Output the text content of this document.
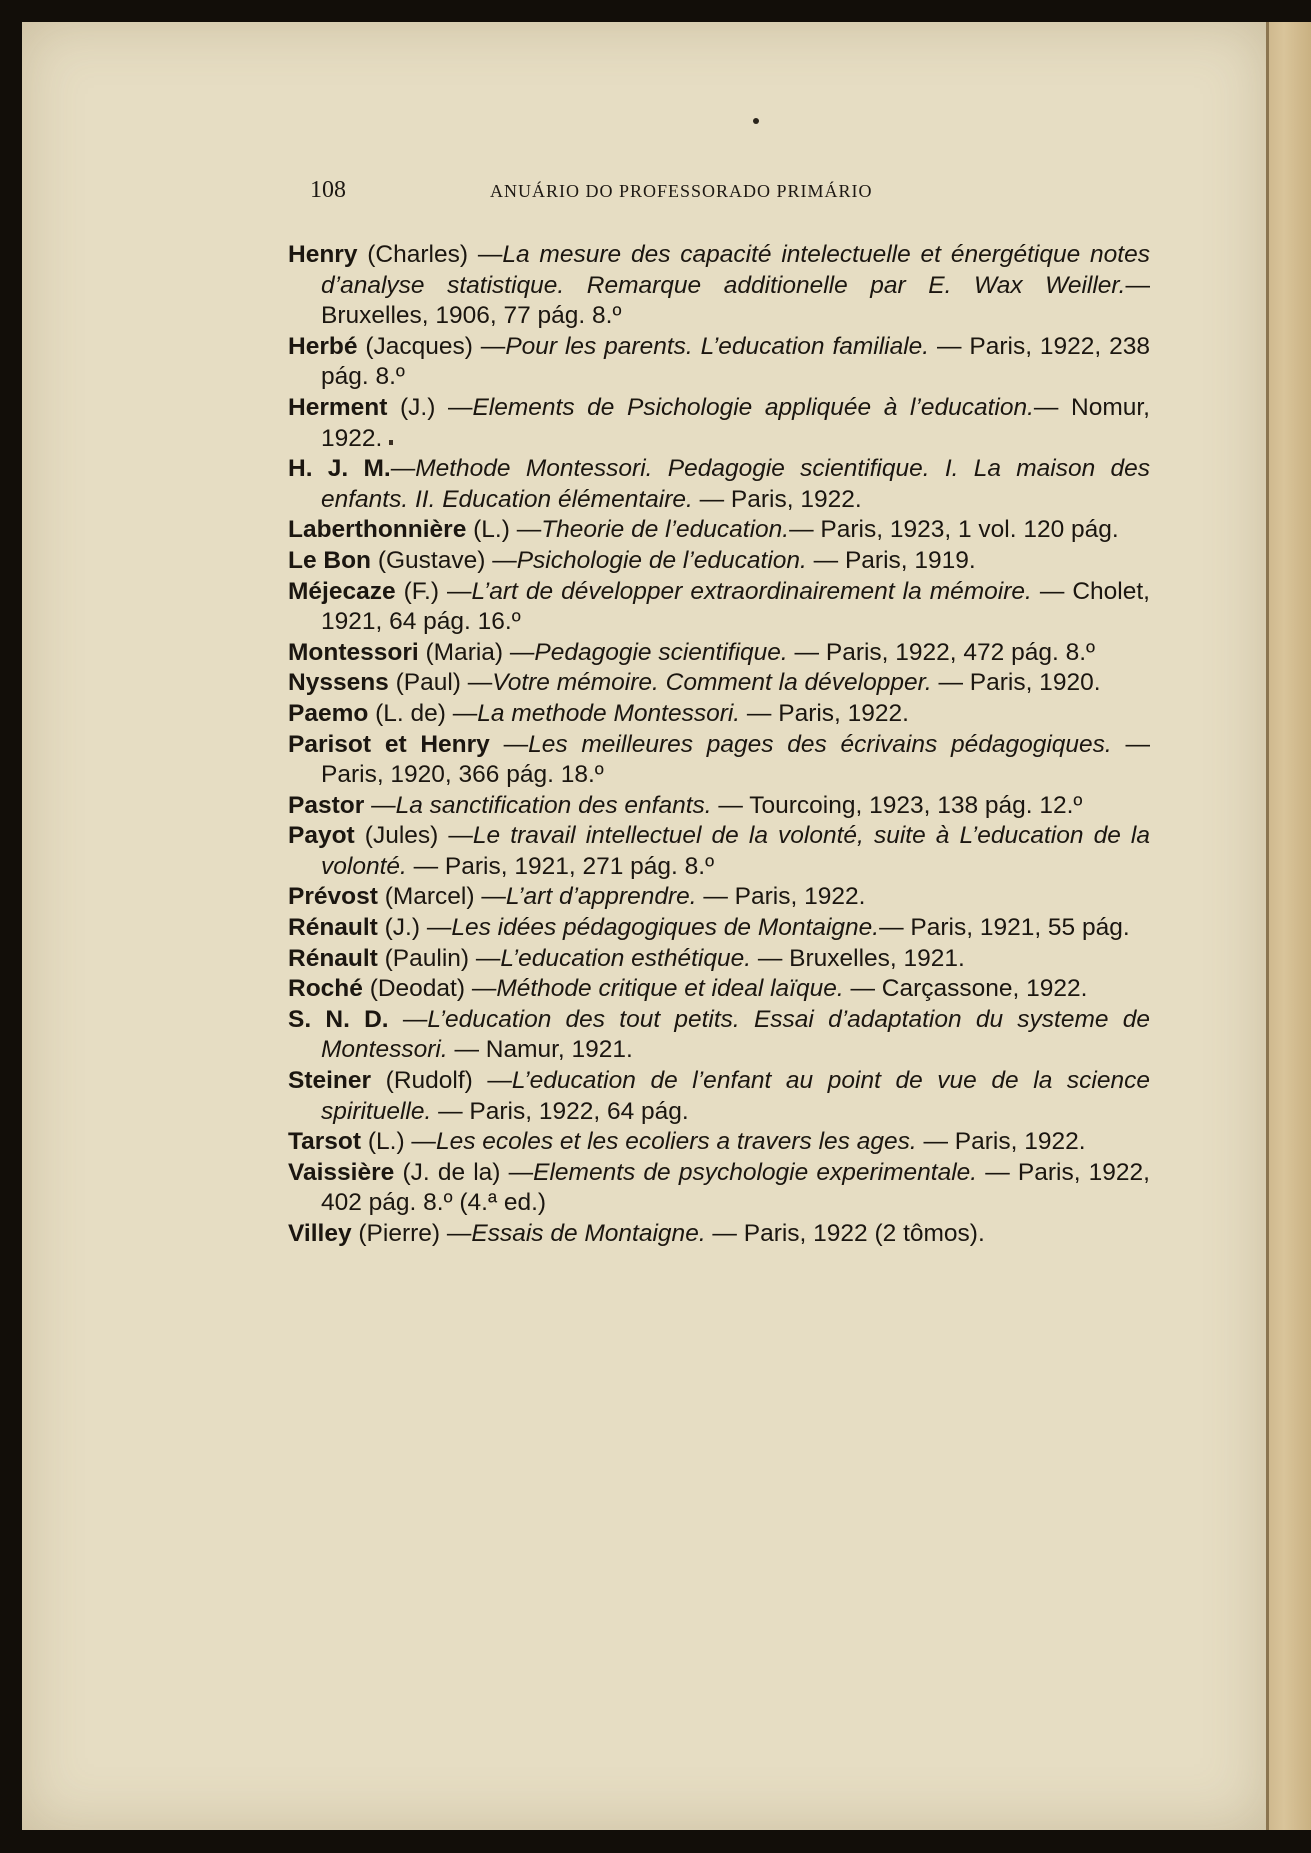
108	ANUÁRIO DO PROFESSORADO PRIMÁRIO
Henry (Charles) —La mesure des capacité intelectuelle et énergétique notes d’analyse statistique. Remarque additionelle par E. Wax Weiller.— Bruxelles, 1906, 77 pág. 8.º
Herbé (Jacques) —Pour les parents. L’education familiale. — Paris, 1922, 238 pág. 8.º
Herment (J.) —Elements de Psichologie appliquée à l’education.— Nomur, 1922.
H. J. M.—Methode Montessori. Pedagogie scientifique. I. La maison des enfants. II. Education élémentaire. — Paris, 1922.
Laberthonnière (L.) —Theorie de l’education.— Paris, 1923, 1 vol. 120 pág.
Le Bon (Gustave) —Psichologie de l’education. — Paris, 1919.
Méjecaze (F.) —L’art de développer extraordinairement la mémoire. — Cholet, 1921, 64 pág. 16.º
Montessori (Maria) —Pedagogie scientifique. — Paris, 1922, 472 pág. 8.º
Nyssens (Paul) —Votre mémoire. Comment la développer. — Paris, 1920.
Paemo (L. de) —La methode Montessori. — Paris, 1922.
Parisot et Henry —Les meilleures pages des écrivains pédagogiques. — Paris, 1920, 366 pág. 18.º
Pastor —La sanctification des enfants. — Tourcoing, 1923, 138 pág. 12.º
Payot (Jules) —Le travail intellectuel de la volonté, suite à L’education de la volonté. — Paris, 1921, 271 pág. 8.º
Prévost (Marcel) —L’art d’apprendre. — Paris, 1922.
Rénault (J.) —Les idées pédagogiques de Montaigne.— Paris, 1921, 55 pág.
Rénault (Paulin) —L’education esthétique. — Bruxelles, 1921.
Roché (Deodat) —Méthode critique et ideal laïque. — Carçassone, 1922.
S. N. D. —L’education des tout petits. Essai d’adaptation du systeme de Montessori. — Namur, 1921.
Steiner (Rudolf) —L’education de l’enfant au point de vue de la science spirituelle. — Paris, 1922, 64 pág.
Tarsot (L.) —Les ecoles et les ecoliers a travers les ages. — Paris, 1922.
Vaissière (J. de la) —Elements de psychologie experimentale. — Paris, 1922, 402 pág. 8.º (4.ª ed.)
Villey (Pierre) —Essais de Montaigne. — Paris, 1922 (2 tômos).
